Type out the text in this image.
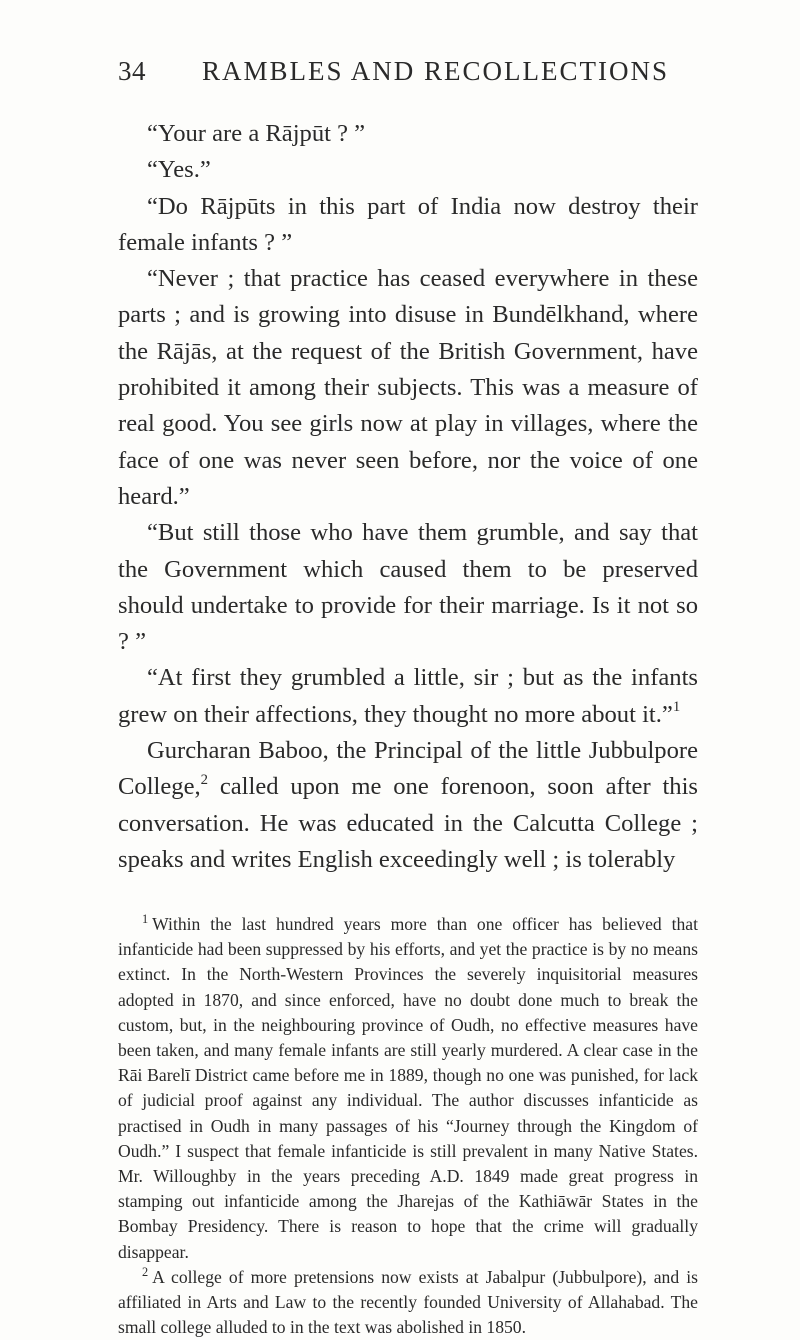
34 RAMBLES AND RECOLLECTIONS

“Your are a Rājpūt ? ”

“Yes.”

“Do Rājpūts in this part of India now destroy their female infants ? ”

“Never ; that practice has ceased everywhere in these parts ; and is growing into disuse in Bundēlkhand, where the Rājās, at the request of the British Government, have prohibited it among their subjects. This was a measure of real good. You see girls now at play in villages, where the face of one was never seen before, nor the voice of one heard.”

“But still those who have them grumble, and say that the Government which caused them to be preserved should undertake to provide for their marriage. Is it not so ? ”

“At first they grumbled a little, sir ; but as the infants grew on their affections, they thought no more about it.”$^1$

Gurcharan Baboo, the Principal of the little Jubbulpore College,$^2$ called upon me one forenoon, soon after this conversation. He was educated in the Calcutta College ; speaks and writes English exceedingly well ; is tolerably

$^1$ Within the last hundred years more than one officer has believed that infanticide had been suppressed by his efforts, and yet the practice is by no means extinct. In the North-Western Provinces the severely inquisitorial measures adopted in 1870, and since enforced, have no doubt done much to break the custom, but, in the neighbouring province of Oudh, no effective measures have been taken, and many female infants are still yearly murdered. A clear case in the Rāi Barelī District came before me in 1889, though no one was punished, for lack of judicial proof against any individual. The author discusses infanticide as practised in Oudh in many passages of his “Journey through the Kingdom of Oudh.” I suspect that female infanticide is still prevalent in many Native States. Mr. Willoughby in the years preceding A.D. 1849 made great progress in stamping out infanticide among the Jharejas of the Kathiāwār States in the Bombay Presidency. There is reason to hope that the crime will gradually disappear.

$^2$ A college of more pretensions now exists at Jabalpur (Jubbulpore), and is affiliated in Arts and Law to the recently founded University of Allahabad. The small college alluded to in the text was abolished in 1850.
